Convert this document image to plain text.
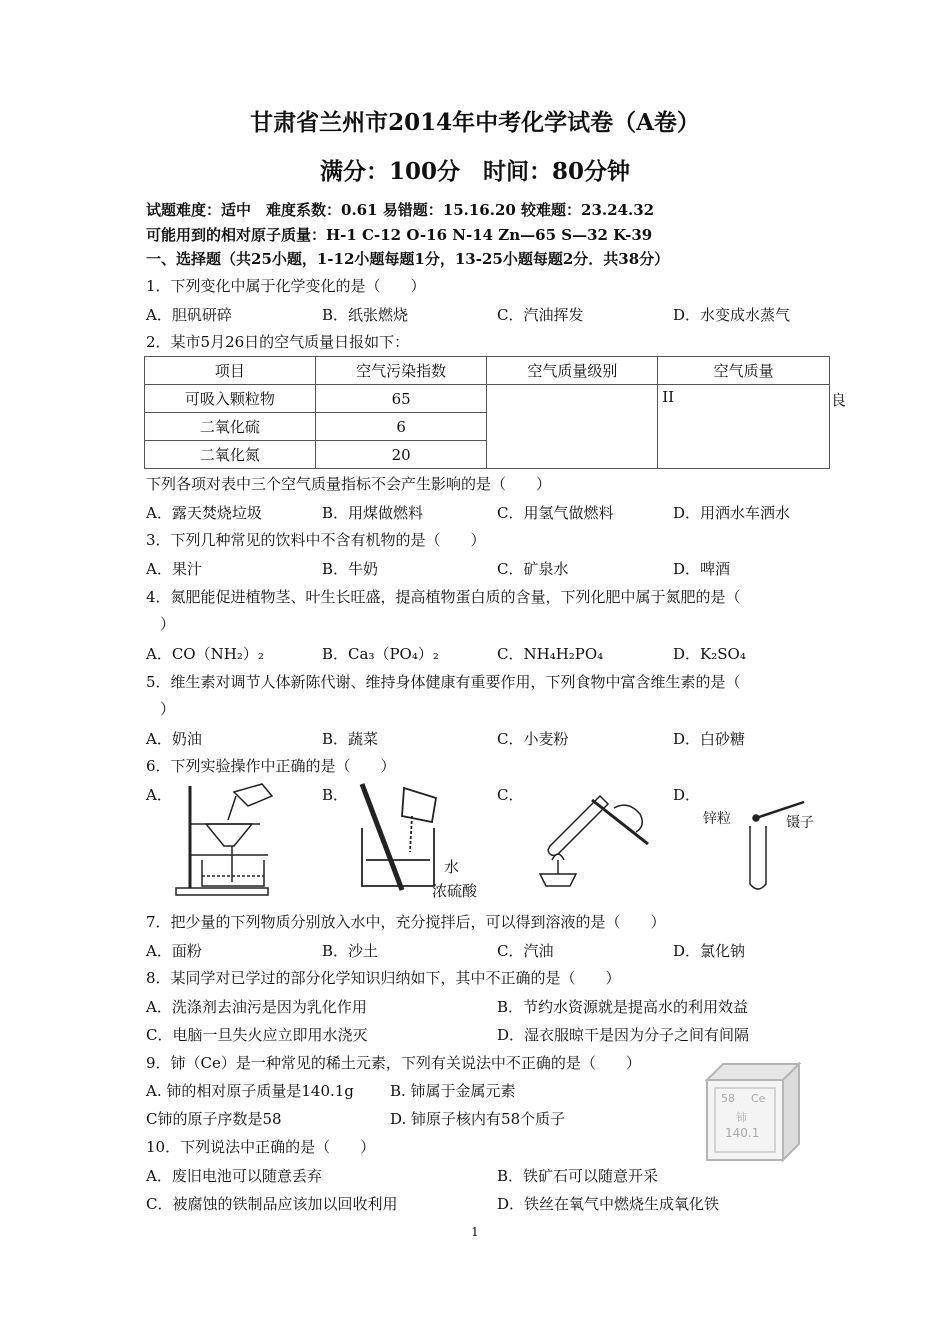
甘肃省兰州市2014年中考化学试卷（A卷）
满分：100分　时间：80分钟
试题难度：适中　难度系数：0.61 易错题：15.16.20 较难题：23.24.32
可能用到的相对原子质量：H-1 C-12 O-16 N-14 Zn—65 S—32 K-39
一、选择题（共25小题，1-12小题每题1分，13-25小题每题2分．共38分）
1．下列变化中属于化学变化的是（　　）
A．胆矾研碎	B．纸张燃烧	C．汽油挥发	D．水变成水蒸气
2．某市5月26日的空气质量日报如下：
项目	空气污染指数	空气质量级别	空气质量
可吸入颗粒物	65		II
二氧化硫	6		
二氧化氮	20		
良
下列各项对表中三个空气质量指标不会产生影响的是（　　）
A．露天焚烧垃圾	B．用煤做燃料	C．用氢气做燃料	D．用洒水车洒水
3．下列几种常见的饮料中不含有机物的是（　　）
A．果汁	B．牛奶	C．矿泉水	D．啤酒
4．氮肥能促进植物茎、叶生长旺盛，提高植物蛋白质的含量，下列化肥中属于氮肥的是（
）
A．CO（NH₂）₂	B．Ca₃（PO₄）₂	C．NH₄H₂PO₄	D．K₂SO₄
5．维生素对调节人体新陈代谢、维持身体健康有重要作用，下列食物中富含维生素的是（
）
A．奶油	B．蔬菜	C．小麦粉	D．白砂糖
6．下列实验操作中正确的是（　　）
A．	B．	C．	D．
水
浓硫酸
锌粒	镊子
7．把少量的下列物质分别放入水中，充分搅拌后，可以得到溶液的是（　　）
A．面粉	B．沙土	C．汽油	D．氯化钠
8．某同学对已学过的部分化学知识归纳如下，其中不正确的是（　　）
A．洗涤剂去油污是因为乳化作用	B．节约水资源就是提高水的利用效益
C．电脑一旦失火应立即用水浇灭	D．湿衣服晾干是因为分子之间有间隔
9．铈（Ce）是一种常见的稀土元素，下列有关说法中不正确的是（　　）
A. 铈的相对原子质量是140.1g B. 铈属于金属元素
C铈的原子序数是58	D. 铈原子核内有58个质子
58 Ce
铈
140.1
10．下列说法中正确的是（　　）
A．废旧电池可以随意丢弃	B．铁矿石可以随意开采
C．被腐蚀的铁制品应该加以回收利用	D．铁丝在氧气中燃烧生成氧化铁
1
